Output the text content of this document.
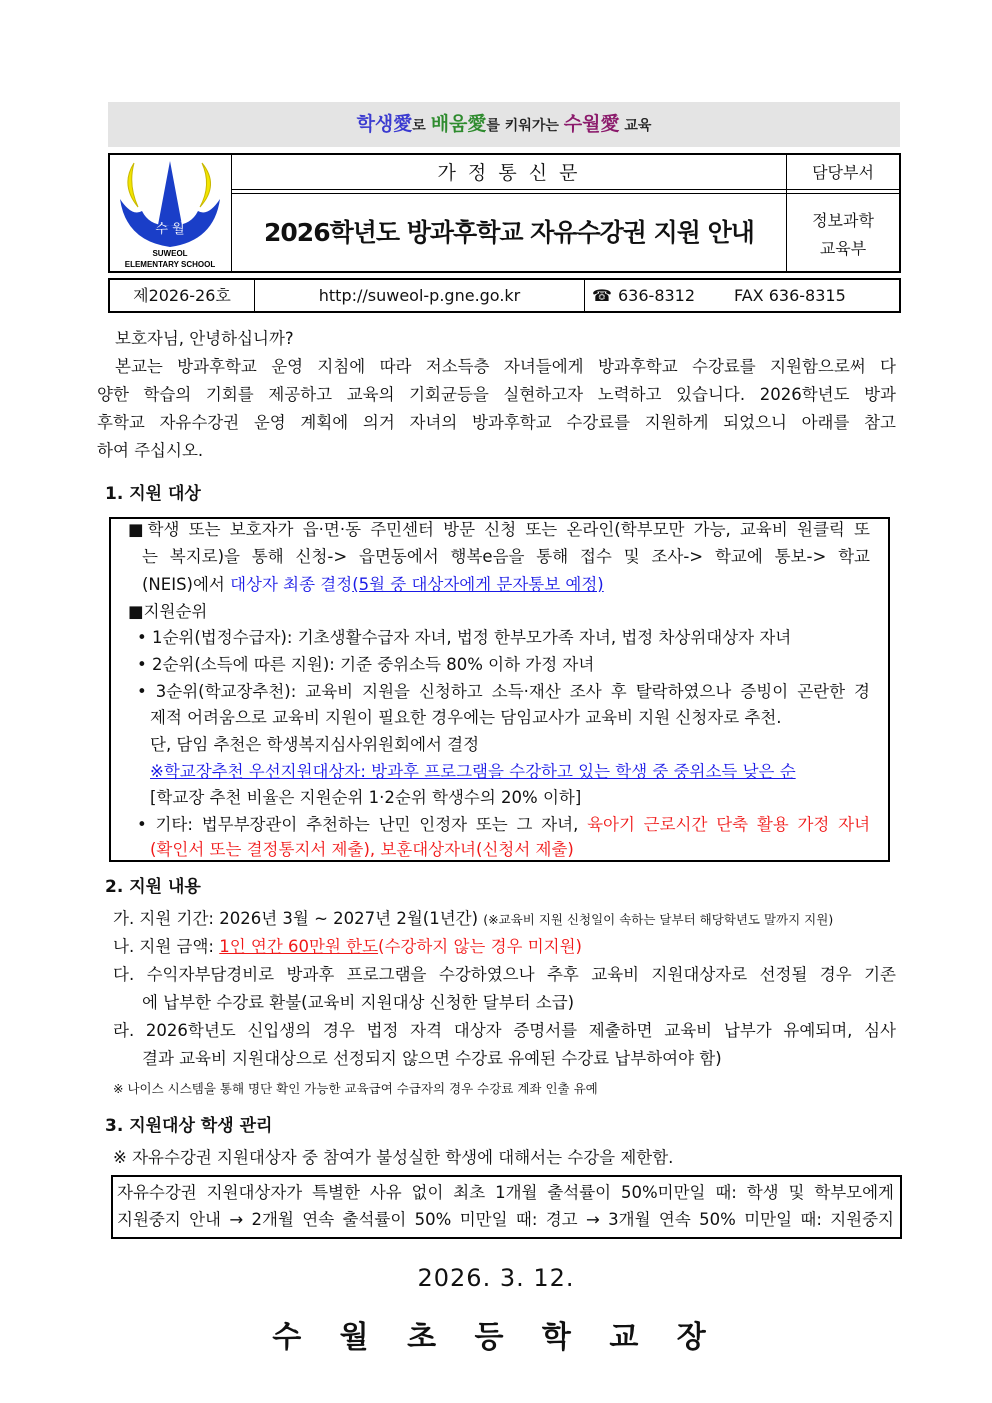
학생愛로 배움愛를 키워가는 수월愛 교육
수 월
SUWEOL
ELEMENTARY SCHOOL
가 정 통 신 문	담당부서
2026학년도 방과후학교 자유수강권 지원 안내	정보과학
교육부
제2026-26호	http://suweol-p.gne.go.kr	☎ 636-8312 FAX 636-8315
보호자님, 안녕하십니까?
본교는 방과후학교 운영 지침에 따라 저소득층 자녀들에게 방과후학교 수강료를 지원함으로써 다
양한 학습의 기회를 제공하고 교육의 기회균등을 실현하고자 노력하고 있습니다. 2026학년도 방과
후학교 자유수강권 운영 계획에 의거 자녀의 방과후학교 수강료를 지원하게 되었으니 아래를 참고
하여 주십시오.
1. 지원 대상
■학생 또는 보호자가 읍·면·동 주민센터 방문 신청 또는 온라인(학부모만 가능, 교육비 원클릭 또
는 복지로)을 통해 신청-> 읍면동에서 행복e음을 통해 접수 및 조사-> 학교에 통보-> 학교
(NEIS)에서 대상자 최종 결정(5월 중 대상자에게 문자통보 예정)
■지원순위
• 1순위(법정수급자): 기초생활수급자 자녀, 법정 한부모가족 자녀, 법정 차상위대상자 자녀
• 2순위(소득에 따른 지원): 기준 중위소득 80% 이하 가정 자녀
• 3순위(학교장추천): 교육비 지원을 신청하고 소득·재산 조사 후 탈락하였으나 증빙이 곤란한 경
제적 어려움으로 교육비 지원이 필요한 경우에는 담임교사가 교육비 지원 신청자로 추천.
단, 담임 추천은 학생복지심사위원회에서 결정
※학교장추천 우선지원대상자: 방과후 프로그램을 수강하고 있는 학생 중 중위소득 낮은 순
[학교장 추천 비율은 지원순위 1·2순위 학생수의 20% 이하]
• 기타: 법무부장관이 추천하는 난민 인정자 또는 그 자녀, 육아기 근로시간 단축 활용 가정 자녀
(확인서 또는 결정통지서 제출), 보훈대상자녀(신청서 제출)
2. 지원 내용
가. 지원 기간: 2026년 3월 ~ 2027년 2월(1년간) (※교육비 지원 신청일이 속하는 달부터 해당학년도 말까지 지원)
나. 지원 금액: 1인 연간 60만원 한도(수강하지 않는 경우 미지원)
다. 수익자부담경비로 방과후 프로그램을 수강하였으나 추후 교육비 지원대상자로 선정될 경우 기존
에 납부한 수강료 환불(교육비 지원대상 신청한 달부터 소급)
라. 2026학년도 신입생의 경우 법정 자격 대상자 증명서를 제출하면 교육비 납부가 유예되며, 심사
결과 교육비 지원대상으로 선정되지 않으면 수강료 유예된 수강료 납부하여야 함)
※ 나이스 시스템을 통해 명단 확인 가능한 교육급여 수급자의 경우 수강료 계좌 인출 유예
3. 지원대상 학생 관리
※ 자유수강권 지원대상자 중 참여가 불성실한 학생에 대해서는 수강을 제한함.
자유수강권 지원대상자가 특별한 사유 없이 최초 1개월 출석률이 50%미만일 때: 학생 및 학부모에게
지원중지 안내 → 2개월 연속 출석률이 50% 미만일 때: 경고 → 3개월 연속 50% 미만일 때: 지원중지
2026. 3. 12.
수 월 초 등 학 교 장
